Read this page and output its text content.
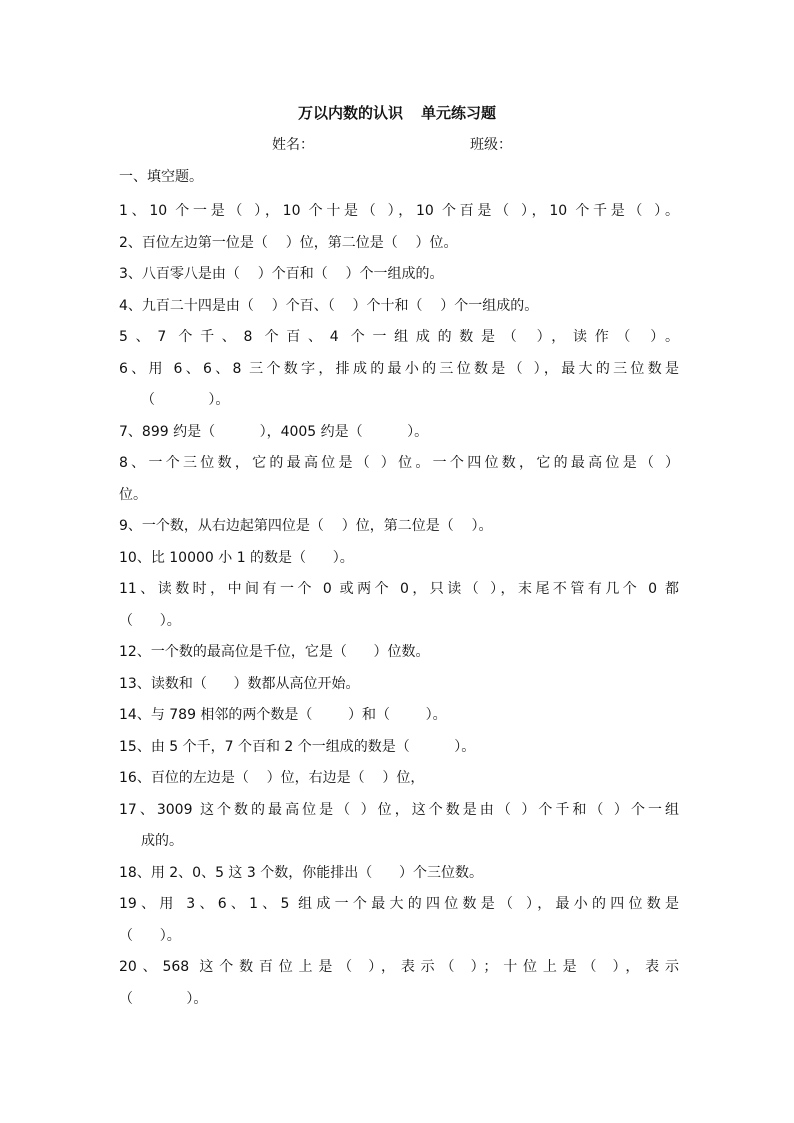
万以内数的认识 单元练习题
姓名：	班级：
一、填空题。
1、10 个一是（ ），10 个十是（ ），10 个百是（ ），10 个千是（ ）。
2、百位左边第一位是（    ）位，第二位是（    ）位。
3、八百零八是由（    ）个百和（    ）个一组成的。
4、九百二十四是由（    ）个百、（    ）个十和（    ）个一组成的。
5、7 个千、8 个百、4 个一组成的数是（ ），读作（ ）。
6、用 6、6、8 三个数字，排成的最小的三位数是（ ），最大的三位数是
（            ）。
7、899 约是（          ），4005 约是（          ）。
8、一个三位数，它的最高位是（ ）位。一个四位数，它的最高位是（ ）
位。
9、一个数，从右边起第四位是（    ）位，第二位是（    ）。
10、比 10000 小 1 的数是（      ）。
11、读数时，中间有一个 0 或两个 0，只读（ ），末尾不管有几个 0 都
（      ）。
12、一个数的最高位是千位，它是（      ）位数。
13、读数和（      ）数都从高位开始。
14、与 789 相邻的两个数是（        ）和（        ）。
15、由 5 个千，7 个百和 2 个一组成的数是（          ）。
16、百位的左边是（    ）位，右边是（    ）位，
17、3009 这个数的最高位是（ ）位，这个数是由（ ）个千和（ ）个一组
成的。
18、用 2、0、5 这 3 个数，你能排出（      ）个三位数。
19、用 3、6、1、5 组成一个最大的四位数是（ ），最小的四位数是
（      ）。
20、568 这个数百位上是（ ），表示（ ）；十位上是（ ），表示
（            ）。
